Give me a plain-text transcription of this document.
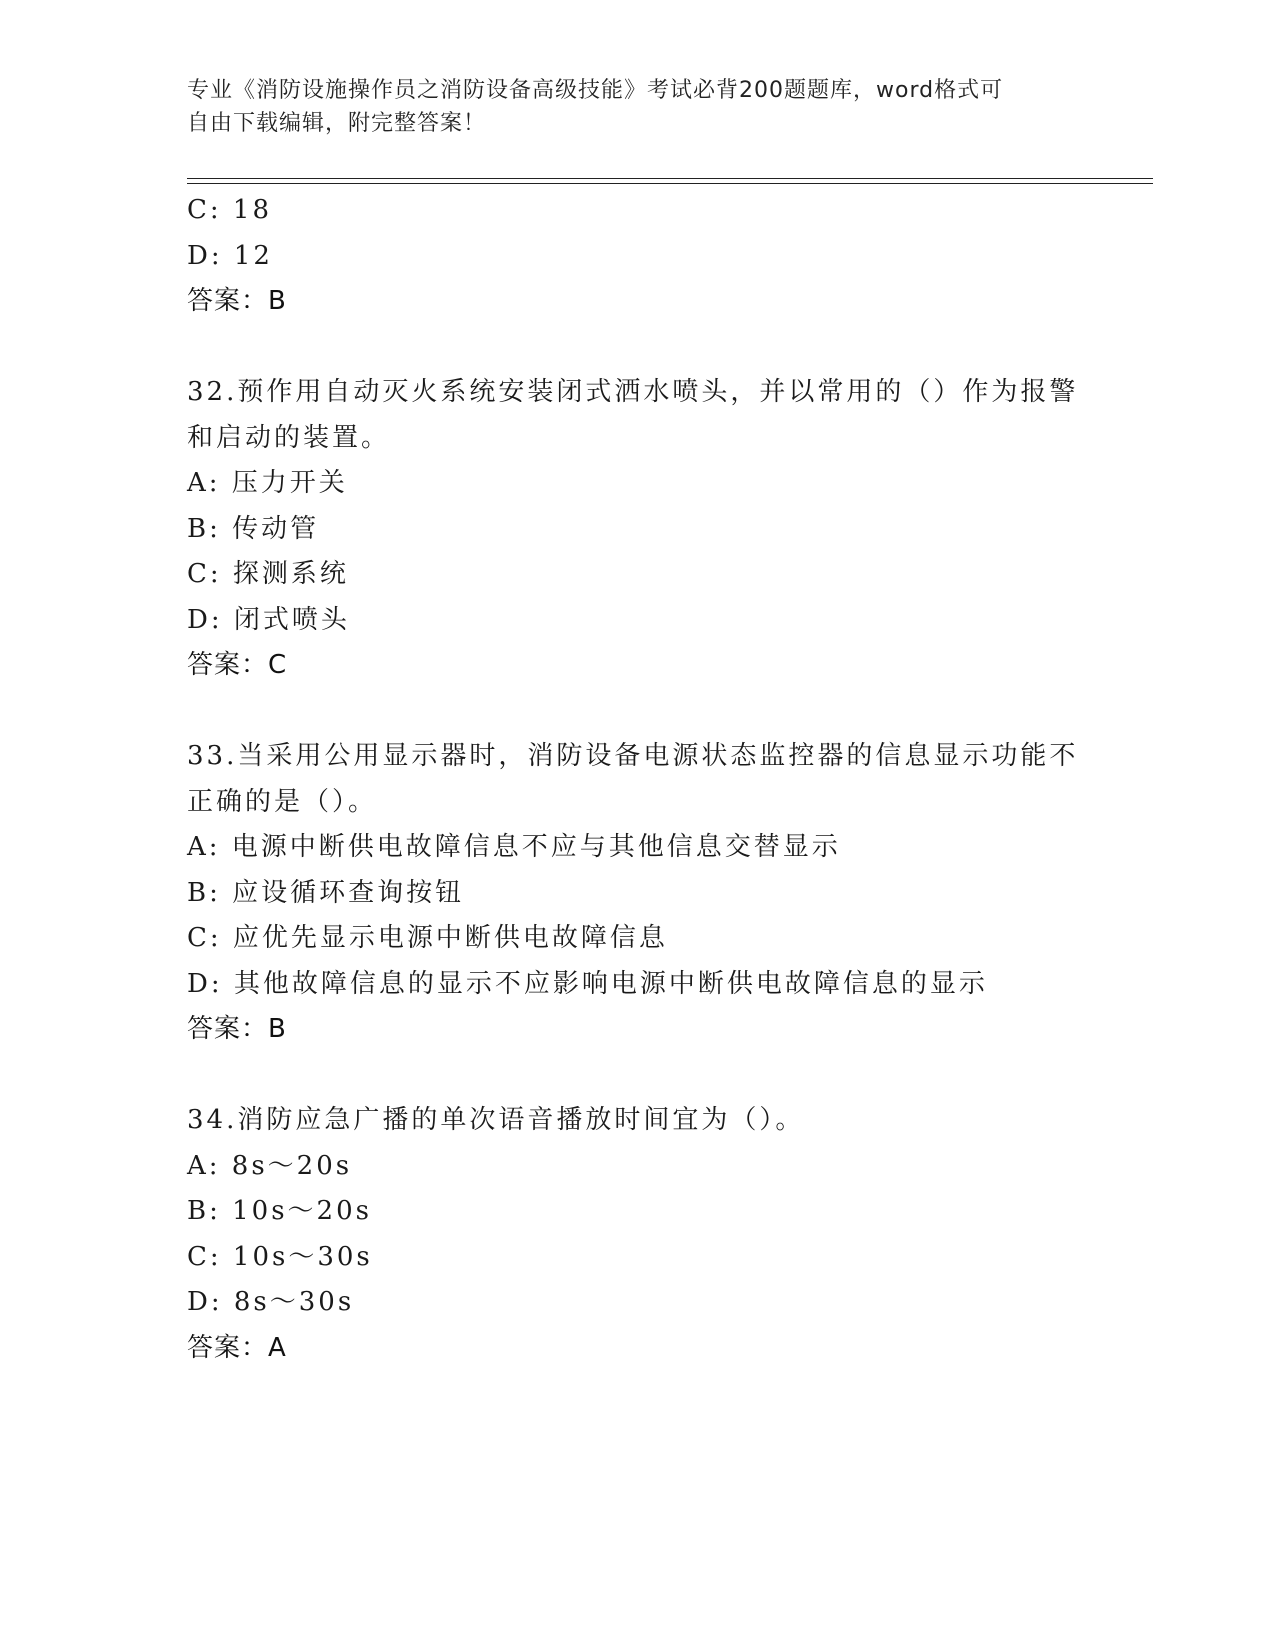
专业《消防设施操作员之消防设备高级技能》考试必背200题题库，word格式可
自由下载编辑，附完整答案！
C: 18
D: 12
答案：B
32.预作用自动灭火系统安装闭式洒水喷头，并以常用的（）作为报警
和启动的装置。
A: 压力开关
B: 传动管
C: 探测系统
D: 闭式喷头
答案：C
33.当采用公用显示器时，消防设备电源状态监控器的信息显示功能不
正确的是（）。
A: 电源中断供电故障信息不应与其他信息交替显示
B: 应设循环查询按钮
C: 应优先显示电源中断供电故障信息
D: 其他故障信息的显示不应影响电源中断供电故障信息的显示
答案：B
34.消防应急广播的单次语音播放时间宜为（）。
A: 8s～20s
B: 10s～20s
C: 10s～30s
D: 8s～30s
答案：A
